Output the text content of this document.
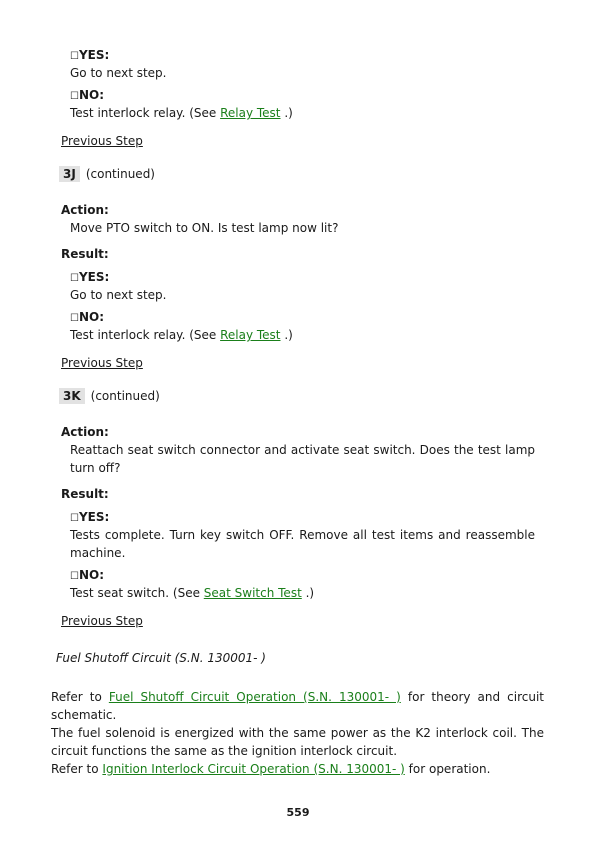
☐YES:
Go to next step.
☐NO:
Test interlock relay. (See Relay Test .)
Previous Step
3J (continued)
Action:
Move PTO switch to ON. Is test lamp now lit?
Result:
☐YES:
Go to next step.
☐NO:
Test interlock relay. (See Relay Test .)
Previous Step
3K (continued)
Action:
Reattach seat switch connector and activate seat switch. Does the test lamp turn off?
Result:
☐YES:
Tests complete. Turn key switch OFF. Remove all test items and reassemble machine.
☐NO:
Test seat switch. (See Seat Switch Test .)
Previous Step
Fuel Shutoff Circuit (S.N. 130001- )
Refer to Fuel Shutoff Circuit Operation (S.N. 130001- ) for theory and circuit schematic.
The fuel solenoid is energized with the same power as the K2 interlock coil. The circuit functions the same as the ignition interlock circuit.
Refer to Ignition Interlock Circuit Operation (S.N. 130001- ) for operation.
559
